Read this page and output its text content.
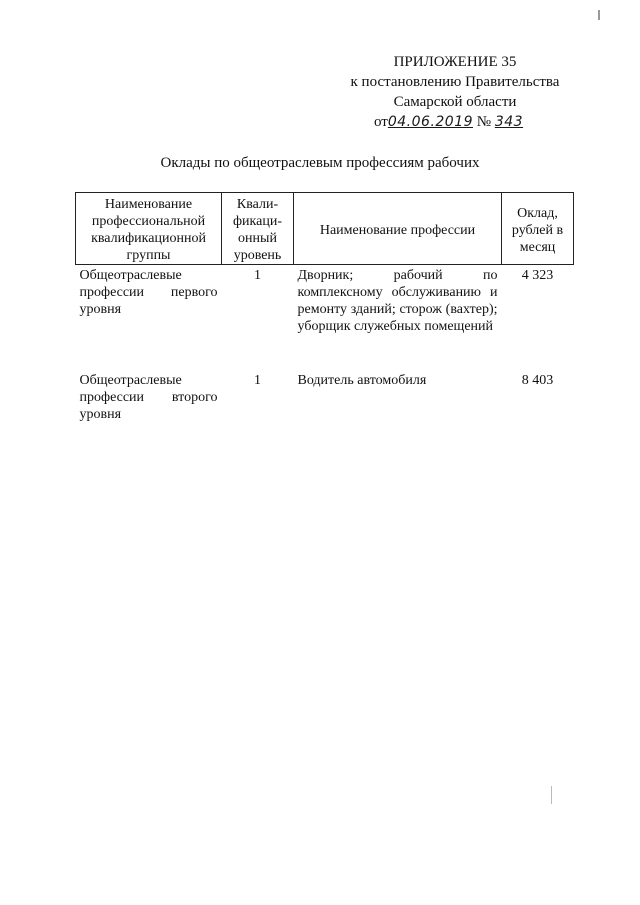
ПРИЛОЖЕНИЕ 35
к постановлению Правительства
Самарской области
от04.06.2019 № 343
Оклады по общеотраслевым профессиям рабочих
Наименование профессиональной квалификационной группы	Квали-фикаци-онный уровень	Наименование профессии	Оклад, рублей в месяц
Общеотраслевые профессии первого уровня	1	Дворник; рабочий по комплексному обслуживанию и ремонту зданий; сторож (вахтер); уборщик служебных помещений	4 323
Общеотраслевые профессии второго уровня	1	Водитель автомобиля	8 403
